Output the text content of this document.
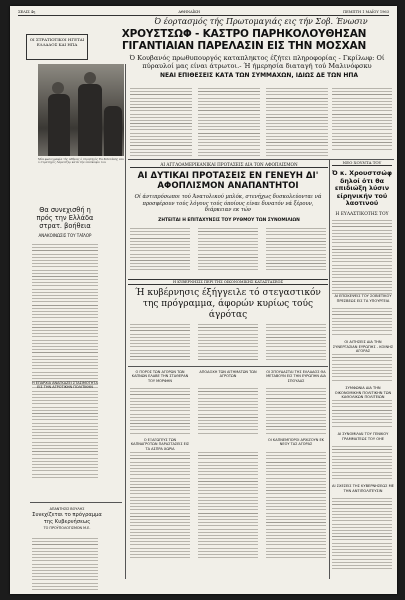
ΣΕΛΙΣ 4η	ΑΘΗΝΑΪΚΗ	ΠΕΜΠΤΗ 1 ΜΑΪΟΥ 1963
ΟΙ ΣΤΡΑΤΙΩΤΙΚΟΙ ΗΓΕΤΑΙ ΕΛΛΑΔΟΣ ΚΑΙ ΗΠΑ
Μία φωτογραφία τής Αθήνας ό στρατηγός Ευ.Σεϊντάκης και ό στρατηγός Λέμνιτζερ κατά τήν επίσκεψιν του
Ό έορτασμός τής Πρωτομαγιάς εις τήν Σοβ. Ένωσιν
ΧΡΟΥΣΤΣΩΦ - ΚΑΣΤΡΟ ΠΑΡΗΚΟΛΟΥΘΗΣΑΝ ΓΙΓΑΝΤΙΑΙΑΝ ΠΑΡΕΛΑΣΙΝ ΕΙΣ ΤΗΝ ΜΟΣΧΑΝ
Ό Κουβανός πρωθυπουργός καταπληκτος έζήτει πληροφορίας - Γκρίλωφ: Οί πύραυλοί μας είναι άτρωτοι.- Ή ήμερησία διαταγή τού Μαλινόφσκυ
ΝΕΑΙ ΕΠΙΘΕΣΕΙΣ ΚΑΤΑ ΤΩΝ ΣΥΜΜΑΧΩΝ, ΙΔΙΩΣ ΔΕ ΤΩΝ ΗΠΑ
ΑΙ ΑΓΓΛΟΑΜΕΡΙΚΑΝΙΚΑΙ ΠΡΟΤΑΣΕΙΣ ΔΙΑ ΤΟΝ ΑΦΟΠΛΙΣΜΟΝ
ΑΙ ΔΥΤΙΚΑΙ ΠΡΟΤΑΣΕΙΣ ΕΝ ΓΕΝΕΥΗ ΔΙ' ΑΦΟΠΛΙΣΜΟΝ ΑΝΑΠΑΝΤΗΤΟΙ
Οί άντιπρόσωποι τού Άνατολικού μπλόκ, στενήχως δυσκολεύονται νά προσφέρουν τούς λόγους τούς όποίους είναι δυνατόν νά ξέρουν, διάρκειαν εκ τών
ΖΗΤΕΙΤΑΙ Η ΕΠΙΤΑΧΥΝΣΙΣ ΤΟΥ ΡΥΘΜΟΥ ΤΩΝ ΣΥΝΟΜΙΛΙΩΝ
ΝΕΟ ΧΟΥΝΤΑ ΤΟΥ
Ό κ. Χρουστσώφ δηλοί ότι θα επιδιώξη λύσιν είρηνικήν τού λαοτινού
Η ΕΥΛΑΣΤΙΚΟΤΗΣ ΤΟΥ
Θα συνεχισθή η πρός την Ελλάδα στρατ. βοήθεια
ΑΝΑΚΟΙΝΩΣΙΣ ΤΟΥ ΤΑΪΛΟΡ
Η ΚΥΒΕΡΝΗΣΙΣ ΠΕΡΙ ΤΗΣ ΟΙΚΟΝΟΜΙΚΗΣ ΚΑΤΑΣΤΑΣΕΩΣ
Ή κυβέρνησις έξήγγειλε τό στεγαστικόν της πρόγραμμα, άφορών κυρίως τούς άγρότας
Ο ΠΟΡΟΣ ΤΩΝ ΑΓΟΡΩΝ ΤΩΝ ΚΑΠΝΩΝ ΕΛΑΒΕ ΤΗΝ ΣΤΑΘΕΡΑΝ ΤΟΥ ΜΟΡΦΗΝ
ΑΠΟΔΟΧΗ ΤΩΝ ΑΙΤΗΜΑΤΩΝ ΤΩΝ ΑΓΡΟΤΩΝ
ΟΙ ΣΠΟΥΔΑΣΤΑΙ ΤΗΣ ΕΛΛΑΔΟΣ ΘΑ ΜΕΤΑΒΟΥΝ ΕΙΣ ΤΗΝ ΕΥΡΩΠΗΝ ΔΙΑ ΣΠΟΥΔΑΣ
Ο ΕΞΑΓΩΓΕΥΣ ΤΩΝ ΚΑΠΝΑΓΡΟΤΩΝ ΠΑΡΑΣΤΑΣΕΙΣ ΕΙΣ ΤΑ ΑΣΠΡΑ ΧΩΡΙΑ
ΟΙ ΚΑΠΝΕΜΠΟΡΟΙ ΑΡΧΙΖΟΥΝ ΕΚ ΝΕΟΥ ΤΑΣ ΑΓΟΡΑΣ
Η ΕΠΑΡΧΙΑ ΑΝΑΓΚΑΖΕΙ ΣΤΑΣΙΜΟΤΗΤΑ ΕΙΣ ΤΗΝ ΑΓΡΟΤΙΚΗΝ ΠΟΛΙΤΙΚΗΝ
ΑΙ ΕΠΙΣΚΕΨΕΙΣ ΤΟΥ ΣΟΒΙΕΤΙΚΟΥ ΠΡΕΣΒΕΩΣ ΕΙΣ ΤΑ ΥΠΟΥΡΓΕΙΑ
ΟΙ ΑΙΤΗΣΕΙΣ ΔΙΑ ΤΗΝ ΣΥΝΕΡΓΑΣΙΑΝ ΕΥΡΩΠΗΣ - ΚΟΙΝΗΣ ΑΓΟΡΑΣ
ΣΥΜΦΩΝΙΑ ΔΙΑ ΤΗΝ ΟΙΚΟΝΟΜΙΚΗΝ ΠΟΛΙΤΙΚΗΝ ΤΩΝ ΚΑΘΟΛΙΚΩΝ ΠΟΛΙΤΕΙΩΝ
ΑΙ ΣΥΝΟΜΙΛΙΑΙ ΤΟΥ ΓΕΝΙΚΟΥ ΓΡΑΜΜΑΤΕΩΣ ΤΟΥ ΟΗΕ
ΑΙ ΣΧΕΣΕΙΣ ΤΗΣ ΚΥΒΕΡΝΗΣΕΩΣ ΜΕ ΤΗΝ ΑΝΤΙΠΟΛΙΤΕΥΣΙΝ
ΑΠΑΝΤΗΣΙΣ ΒΟΥΛΗΣ
Συνεχίζεται το πρόγραμμα της Κυβερνήσεως
ΤΟ ΠΡΟΫΠΟΛΟΓΙΣΜΟΝ Μ.Ε.
